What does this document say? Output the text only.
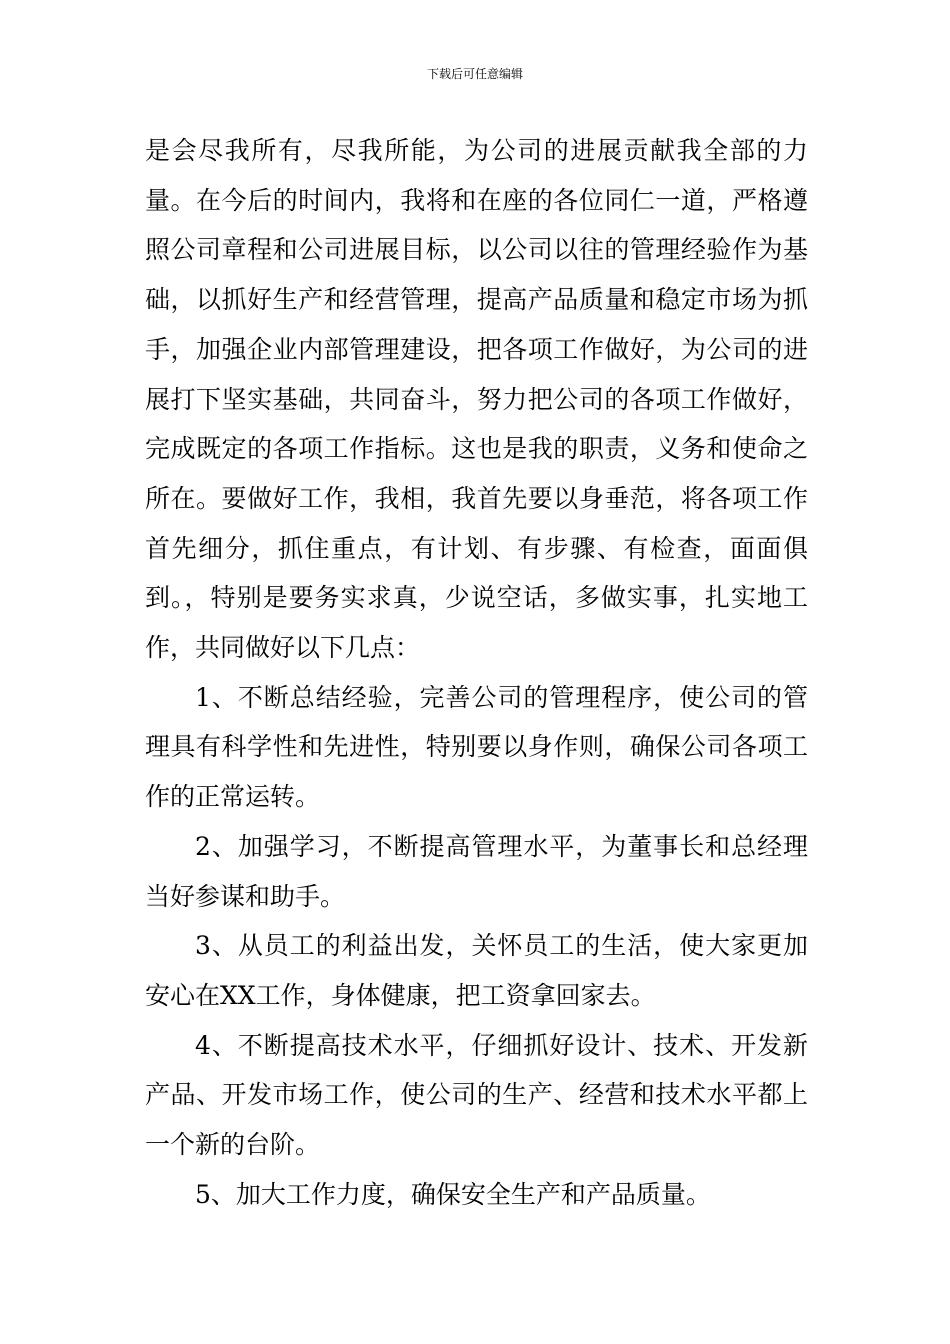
下载后可任意编辑

是会尽我所有，尽我所能，为公司的进展贡献我全部的力量。在今后的时间内，我将和在座的各位同仁一道，严格遵照公司章程和公司进展目标，以公司以往的管理经验作为基础，以抓好生产和经营管理，提高产品质量和稳定市场为抓手，加强企业内部管理建设，把各项工作做好，为公司的进展打下坚实基础，共同奋斗，努力把公司的各项工作做好，完成既定的各项工作指标。这也是我的职责，义务和使命之所在。要做好工作，我相，我首先要以身垂范，将各项工作首先细分，抓住重点，有计划、有步骤、有检查，面面俱到。，特别是要务实求真，少说空话，多做实事，扎实地工作，共同做好以下几点：

1、不断总结经验，完善公司的管理程序，使公司的管理具有科学性和先进性，特别要以身作则，确保公司各项工作的正常运转。

2、加强学习，不断提高管理水平，为董事长和总经理当好参谋和助手。

3、从员工的利益出发，关怀员工的生活，使大家更加安心在XX工作，身体健康，把工资拿回家去。

4、不断提高技术水平，仔细抓好设计、技术、开发新产品、开发市场工作，使公司的生产、经营和技术水平都上一个新的台阶。

5、加大工作力度，确保安全生产和产品质量。
